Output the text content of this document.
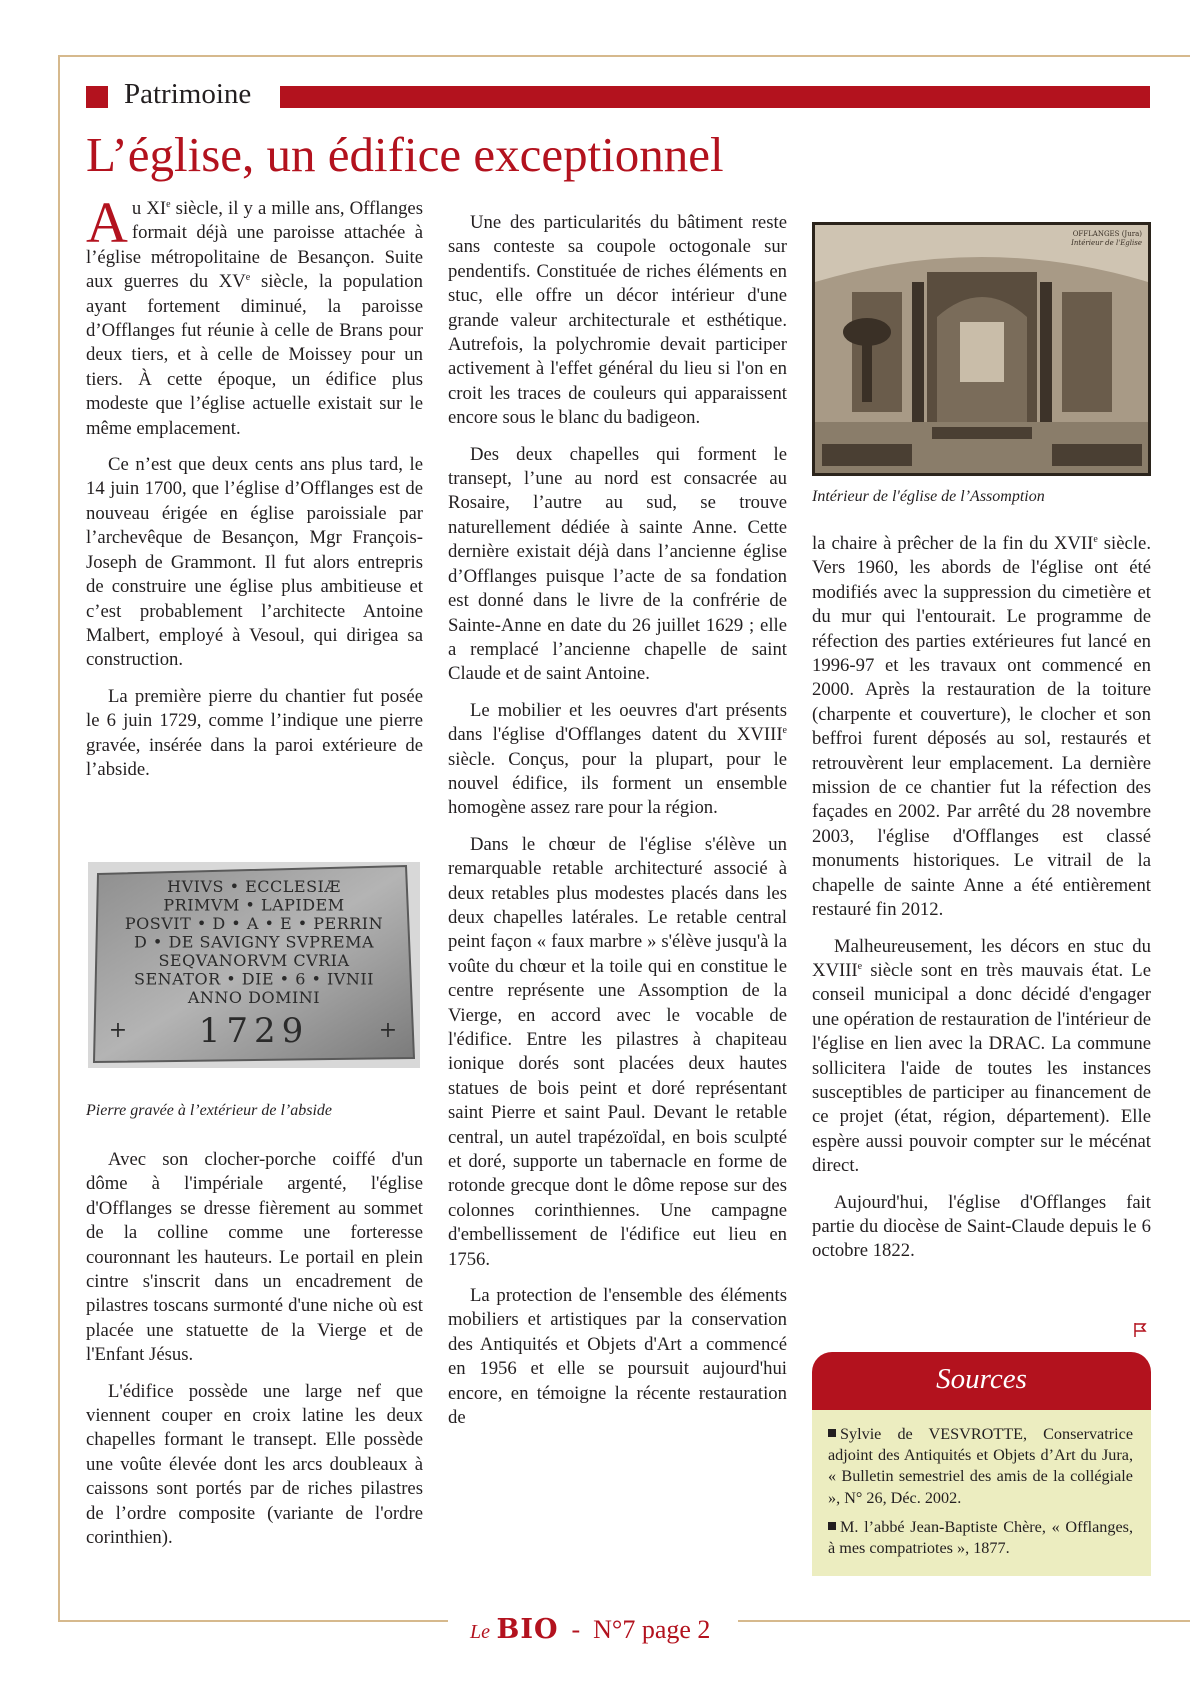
Patrimoine
L’église, un édifice exceptionnel

Au XIe siècle, il y a mille ans, Offlanges formait déjà une paroisse attachée à l’église métropolitaine de Besançon. Suite aux guerres du XVe siècle, la population ayant fortement diminué, la paroisse d’Offlanges fut réunie à celle de Brans pour deux tiers, et à celle de Moissey pour un tiers. À cette époque, un édifice plus modeste que l’église actuelle existait sur le même emplacement.

Ce n’est que deux cents ans plus tard, le 14 juin 1700, que l’église d’Offlanges est de nouveau érigée en église paroissiale par l’archevêque de Besançon, Mgr François-Joseph de Grammont. Il fut alors entrepris de construire une église plus ambitieuse et c’est probablement l’architecte Antoine Malbert, employé à Vesoul, qui dirigea sa construction.

La première pierre du chantier fut posée le 6 juin 1729, comme l’indique une pierre gravée, insérée dans la paroi extérieure de l’abside.

HVIVS • ECCLESIÆ
PRIMVM • LAPIDEM
POSVIT • D • A • E • PERRIN
D • DE SAVIGNY SVPREMA
SEQVANORVM CVRIA
SENATOR • DIE • 6 • IVNII
ANNO DOMINI
1729
+	+
Pierre gravée à l’extérieur de l’abside

Avec son clocher-porche coiffé d'un dôme à l'impériale argenté, l'église d'Offlanges se dresse fièrement au sommet de la colline comme une forteresse couronnant les hauteurs. Le portail en plein cintre s'inscrit dans un encadrement de pilastres toscans surmonté d'une niche où est placée une statuette de la Vierge et de l'Enfant Jésus.

L'édifice possède une large nef que viennent couper en croix latine les deux chapelles formant le transept. Elle possède une voûte élevée dont les arcs doubleaux à caissons sont portés par de riches pilastres de l’ordre composite (variante de l'ordre corinthien).

Une des particularités du bâtiment reste sans conteste sa coupole octogonale sur pendentifs. Constituée de riches éléments en stuc, elle offre un décor intérieur d'une grande valeur architecturale et esthétique. Autrefois, la polychromie devait participer activement à l'effet général du lieu si l'on en croit les traces de couleurs qui apparaissent encore sous le blanc du badigeon.

Des deux chapelles qui forment le transept, l’une au nord est consacrée au Rosaire, l’autre au sud, se trouve naturellement dédiée à sainte Anne. Cette dernière existait déjà dans l’ancienne église d’Offlanges puisque l’acte de sa fondation est donné dans le livre de la confrérie de Sainte-Anne en date du 26 juillet 1629 ; elle a remplacé l’ancienne chapelle de saint Claude et de saint Antoine.

Le mobilier et les oeuvres d'art présents dans l'église d'Offlanges datent du XVIIIe siècle. Conçus, pour la plupart, pour le nouvel édifice, ils forment un ensemble homogène assez rare pour la région.

Dans le chœur de l'église s'élève un remarquable retable architecturé associé à deux retables plus modestes placés dans les deux chapelles latérales. Le retable central peint façon « faux marbre » s'élève jusqu'à la voûte du chœur et la toile qui en constitue le centre représente une Assomption de la Vierge, en accord avec le vocable de l'édifice. Entre les pilastres à chapiteau ionique dorés sont placées deux hautes statues de bois peint et doré représentant saint Pierre et saint Paul. Devant le retable central, un autel trapézoïdal, en bois sculpté et doré, supporte un tabernacle en forme de rotonde grecque dont le dôme repose sur des colonnes corinthiennes. Une campagne d'embellissement de l'édifice eut lieu en 1756.

La protection de l'ensemble des éléments mobiliers et artistiques par la conservation des Antiquités et Objets d'Art a commencé en 1956 et elle se poursuit aujourd'hui encore, en témoigne la récente restauration de

OFFLANGES (Jura)
Intérieur de l'Eglise
Intérieur de l'église de l’Assomption

la chaire à prêcher de la fin du XVIIe siècle. Vers 1960, les abords de l'église ont été modifiés avec la suppression du cimetière et du mur qui l'entourait. Le programme de réfection des parties extérieures fut lancé en 1996-97 et les travaux ont commencé en 2000. Après la restauration de la toiture (charpente et couverture), le clocher et son beffroi furent déposés au sol, restaurés et retrouvèrent leur emplacement. La dernière mission de ce chantier fut la réfection des façades en 2002. Par arrêté du 28 novembre 2003, l'église d'Offlanges est classé monuments historiques. Le vitrail de la chapelle de sainte Anne a été entièrement restauré fin 2012.

Malheureusement, les décors en stuc du XVIIIe siècle sont en très mauvais état. Le conseil municipal a donc décidé d'engager une opération de restauration de l'intérieur de l'église en lien avec la DRAC. La commune sollicitera l'aide de toutes les instances susceptibles de participer au financement de ce projet (état, région, département). Elle espère aussi pouvoir compter sur le mécénat direct.

Aujourd'hui, l'église d'Offlanges fait partie du diocèse de Saint-Claude depuis le 6 octobre 1822.

Sources
Sylvie de VESVROTTE, Conservatrice adjoint des Antiquités et Objets d’Art du Jura, « Bulletin semestriel des amis de la collégiale », N° 26, Déc. 2002.
M. l’abbé Jean-Baptiste Chère, « Offlanges, à mes compatriotes », 1877.
Le BIO - N°7 page 2
